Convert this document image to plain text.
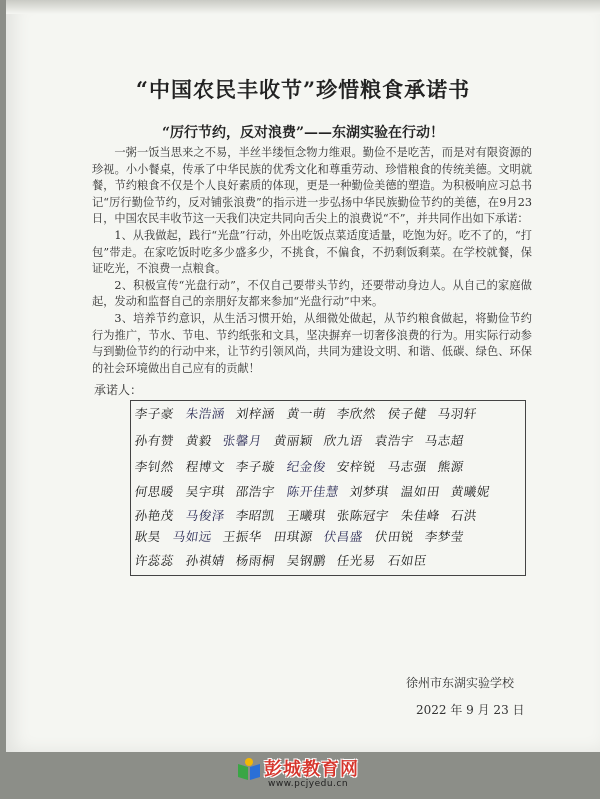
“中国农民丰收节”珍惜粮食承诺书
“厉行节约，反对浪费”——东湖实验在行动！

一粥一饭当思来之不易，半丝半缕恒念物力维艰。勤俭不是吃苦，而是对有限资源的珍视。小小餐桌，传承了中华民族的优秀文化和尊重劳动、珍惜粮食的传统美德。文明就餐，节约粮食不仅是个人良好素质的体现，更是一种勤俭美德的塑造。为积极响应习总书记“厉行勤俭节约，反对铺张浪费”的指示进一步弘扬中华民族勤俭节约的美德，在9月23日，中国农民丰收节这一天我们决定共同向舌尖上的浪费说“不”，并共同作出如下承诺：

1、从我做起，践行“光盘”行动，外出吃饭点菜适度适量，吃饱为好。吃不了的，“打包”带走。在家吃饭时吃多少盛多少，不挑食，不偏食，不扔剩饭剩菜。在学校就餐，保证吃光，不浪费一点粮食。

2、积极宣传“光盘行动”，不仅自己要带头节约，还要带动身边人。从自己的家庭做起，发动和监督自己的亲朋好友都来参加“光盘行动”中来。

3、培养节约意识，从生活习惯开始，从细微处做起，从节约粮食做起，将勤俭节约行为推广，节水、节电、节约纸张和文具，坚决摒弃一切奢侈浪费的行为。用实际行动参与到勤俭节约的行动中来，让节约引领风尚，共同为建设文明、和谐、低碳、绿色、环保的社会环境做出自己应有的贡献！

承诺人：
李子豪 朱浩涵 刘梓涵 黄一萌 李欣然 侯子健 马羽轩
孙有赞 黄毅 张馨月 黄丽颖 欣九语 袁浩宇 马志超
李钊然 程博文 李子璇 纪金俊 安梓锐 马志强 熊源
何思暖 吴宇琪 邵浩宇 陈开佳慧 刘梦琪 温如田 黄曦妮
孙艳茂 马俊泽 李昭凯 王曦琪 张陈冠宇 朱佳峰 石洪
耿昊 马如远 王振华 田琪源 伏昌盛 伏田锐 李梦莹
许蕊蕊 孙祺婧 杨雨桐 吴钢鹏 任光易 石如臣
徐州市东湖实验学校
2022 年 9 月 23 日
彭城教育网
www.pcjyedu.cn
